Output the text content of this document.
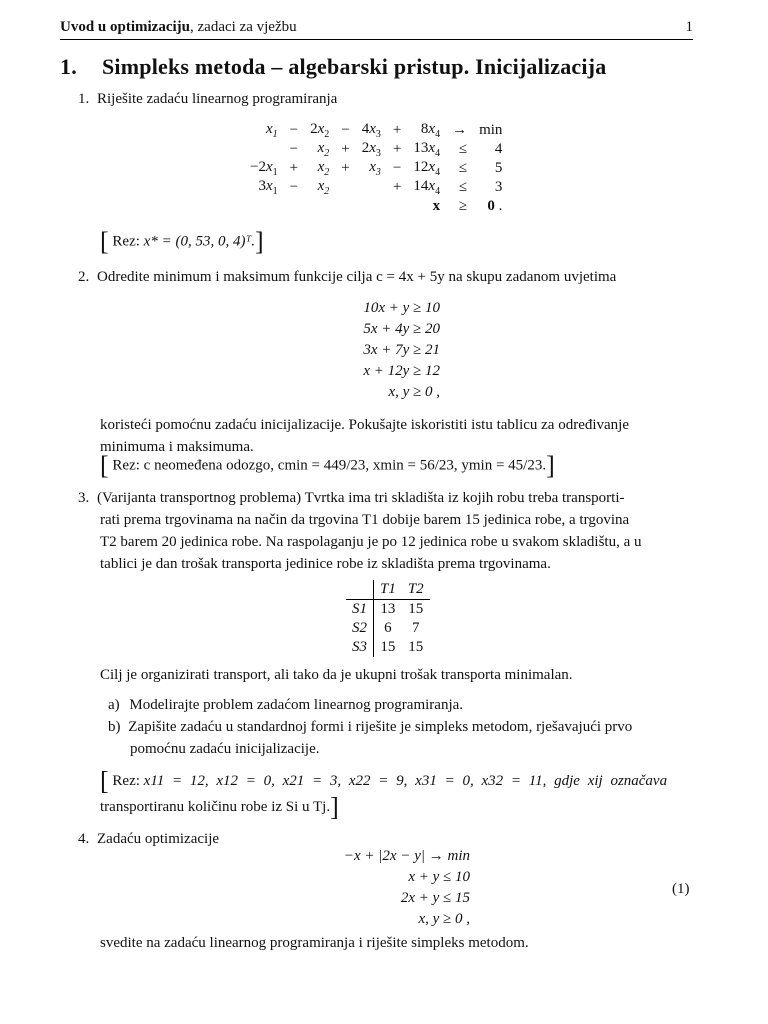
Uvod u optimizaciju, zadaci za vježbu	1
1. Simpleks metoda – algebarski pristup. Inicijalizacija
1. Riješite zadaću linearnog programiranja
$x_1$	−	$2x_2$	−	$4x_3$	+	$8x_4$	→	min
	−	$x_2$	+	$2x_3$	+	$13x_4$	≤	4
$-2x_1$	+	$x_2$	+	$x_3$	−	$12x_4$	≤	5
$3x_1$	−	$x_2$			+	$14x_4$	≤	3
						x	≥	0 .
[ Rez: x* = (0, 53, 0, 4)ᵀ.]
2. Odredite minimum i maksimum funkcije cilja c = 4x + 5y na skupu zadanom uvjetima
10x + y ≥ 10
5x + 4y ≥ 20
3x + 7y ≥ 21
x + 12y ≥ 12
x, y ≥ 0 ,
koristeći pomoćnu zadaću inicijalizacije. Pokušajte iskoristiti istu tablicu za određivanje
minimuma i maksimuma.
[ Rez: c neomeđena odozgo, cmin = 449/23, xmin = 56/23, ymin = 45/23.]
3. (Varijanta transportnog problema) Tvrtka ima tri skladišta iz kojih robu treba transporti-
rati prema trgovinama na način da trgovina T1 dobije barem 15 jedinica robe, a trgovina
T2 barem 20 jedinica robe. Na raspolaganju je po 12 jedinica robe u svakom skladištu, a u
tablici je dan trošak transporta jedinice robe iz skladišta prema trgovinama.
	T1	T2
S1	13	15
S2	6	7
S3	15	15
Cilj je organizirati transport, ali tako da je ukupni trošak transporta minimalan.
a) Modelirajte problem zadaćom linearnog programiranja.
b) Zapišite zadaću u standardnoj formi i riješite je simpleks metodom, rješavajući prvo
pomoćnu zadaću inicijalizacije.
[ Rez: x11 = 12, x12 = 0, x21 = 3, x22 = 9, x31 = 0, x32 = 11, gdje xij označava
transportiranu količinu robe iz Si u Tj.]
4. Zadaću optimizacije
−x + |2x − y| → min
x + y ≤ 10
2x + y ≤ 15
x, y ≥ 0 ,
(1)
svedite na zadaću linearnog programiranja i riješite simpleks metodom.
